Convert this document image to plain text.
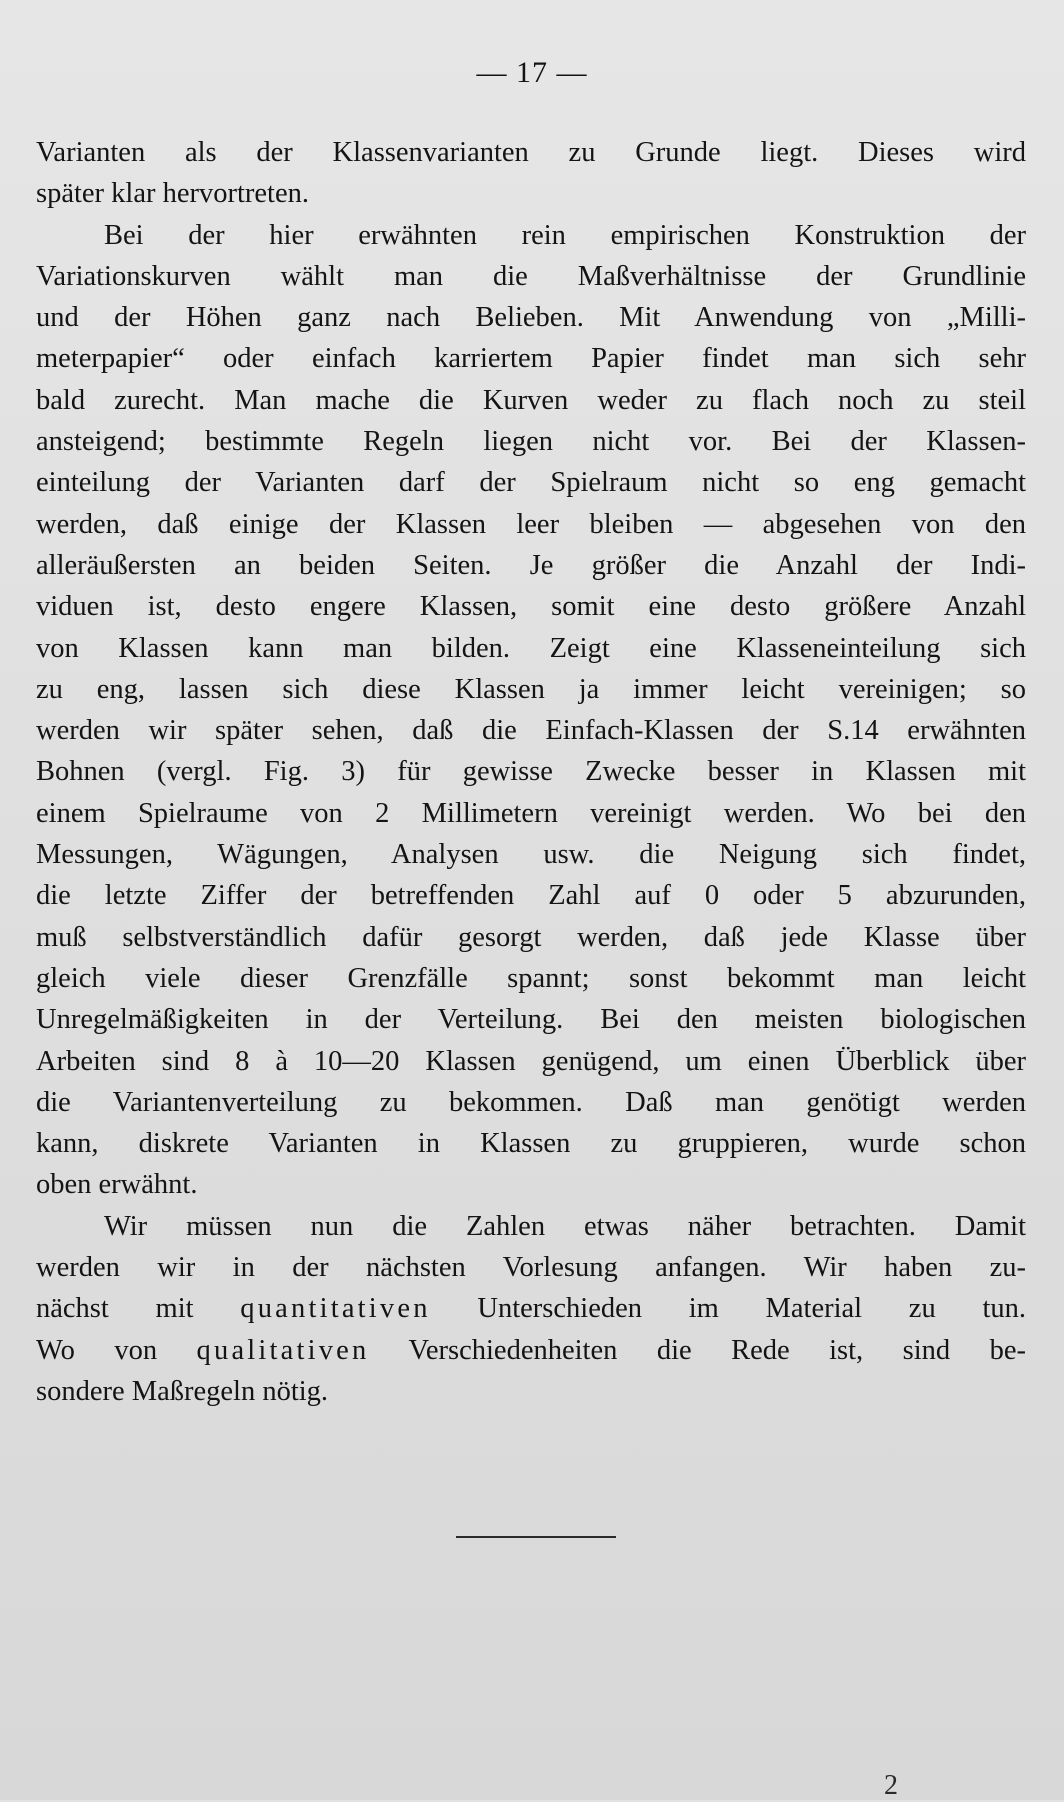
— 17 —
Varianten als der Klassenvarianten zu Grunde liegt. Dieses wird
später klar hervortreten.
Bei der hier erwähnten rein empirischen Konstruktion der
Variationskurven wählt man die Maßverhältnisse der Grundlinie
und der Höhen ganz nach Belieben. Mit Anwendung von „Milli-
meterpapier“ oder einfach karriertem Papier findet man sich sehr
bald zurecht. Man mache die Kurven weder zu flach noch zu steil
ansteigend; bestimmte Regeln liegen nicht vor. Bei der Klassen-
einteilung der Varianten darf der Spielraum nicht so eng gemacht
werden, daß einige der Klassen leer bleiben — abgesehen von den
alleräußersten an beiden Seiten. Je größer die Anzahl der Indi-
viduen ist, desto engere Klassen, somit eine desto größere Anzahl
von Klassen kann man bilden. Zeigt eine Klasseneinteilung sich
zu eng, lassen sich diese Klassen ja immer leicht vereinigen; so
werden wir später sehen, daß die Einfach-Klassen der S.14 erwähnten
Bohnen (vergl. Fig. 3) für gewisse Zwecke besser in Klassen mit
einem Spielraume von 2 Millimetern vereinigt werden. Wo bei den
Messungen, Wägungen, Analysen usw. die Neigung sich findet,
die letzte Ziffer der betreffenden Zahl auf 0 oder 5 abzurunden,
muß selbstverständlich dafür gesorgt werden, daß jede Klasse über
gleich viele dieser Grenzfälle spannt; sonst bekommt man leicht
Unregelmäßigkeiten in der Verteilung. Bei den meisten biologischen
Arbeiten sind 8 à 10—20 Klassen genügend, um einen Überblick über
die Variantenverteilung zu bekommen. Daß man genötigt werden
kann, diskrete Varianten in Klassen zu gruppieren, wurde schon
oben erwähnt.
Wir müssen nun die Zahlen etwas näher betrachten. Damit
werden wir in der nächsten Vorlesung anfangen. Wir haben zu-
nächst mit quantitativen Unterschieden im Material zu tun.
Wo von qualitativen Verschiedenheiten die Rede ist, sind be-
sondere Maßregeln nötig.
2
